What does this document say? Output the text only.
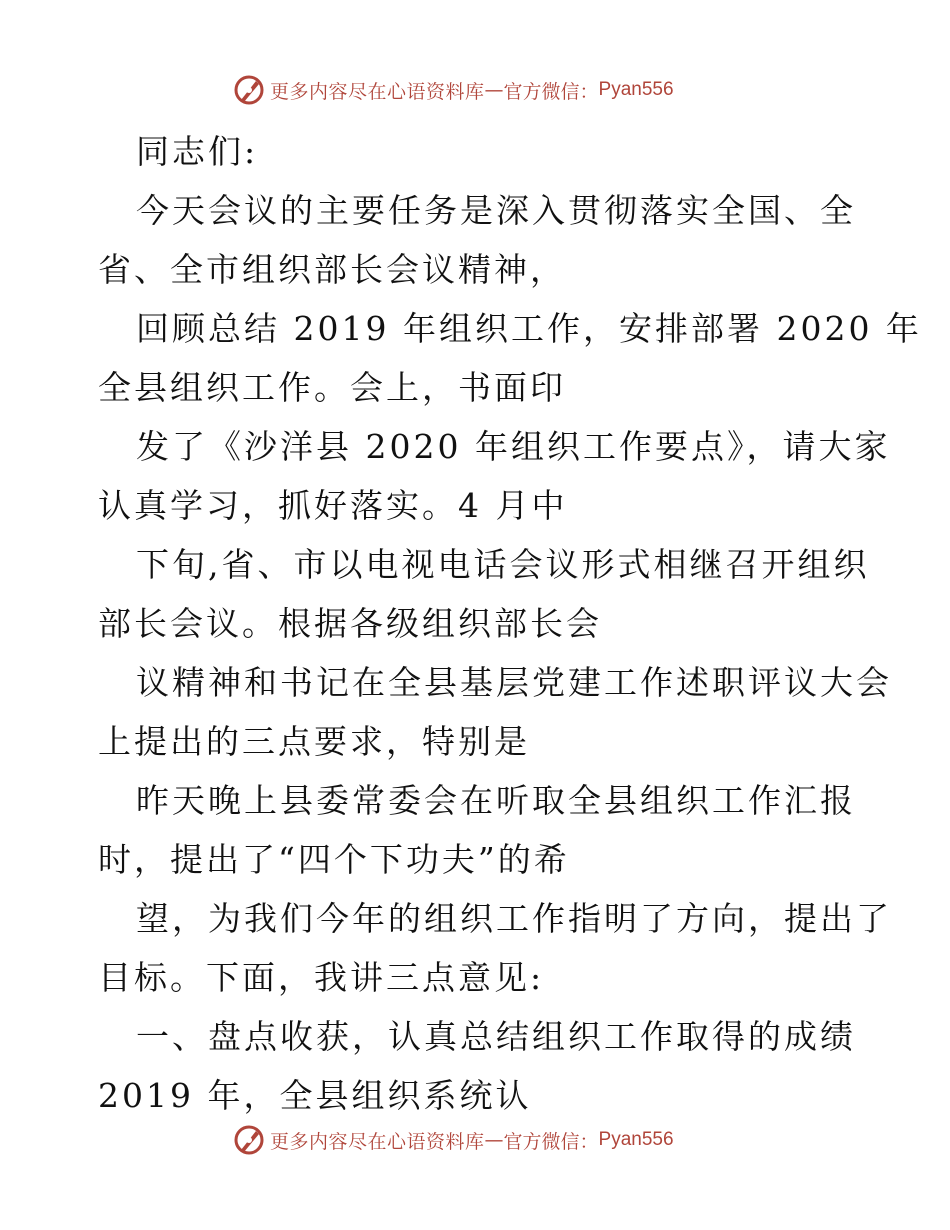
更多内容尽在心语资料库 — 官方微信： Pyan556
同志们:
今天会议的主要任务是深入贯彻落实全国、全
省、全市组织部长会议精神，
回顾总结 2019 年组织工作，安排部署 2020 年
全县组织工作。会上，书面印
发了《沙洋县 2020 年组织工作要点》，请大家
认真学习，抓好落实。4 月中
下旬,省、市以电视电话会议形式相继召开组织
部长会议。根据各级组织部长会
议精神和书记在全县基层党建工作述职评议大会
上提出的三点要求，特别是
昨天晚上县委常委会在听取全县组织工作汇报
时，提出了“四个下功夫”的希
望，为我们今年的组织工作指明了方向，提出了
目标。下面，我讲三点意见:
一、盘点收获，认真总结组织工作取得的成绩
2019 年，全县组织系统认
更多内容尽在心语资料库 — 官方微信： Pyan556
